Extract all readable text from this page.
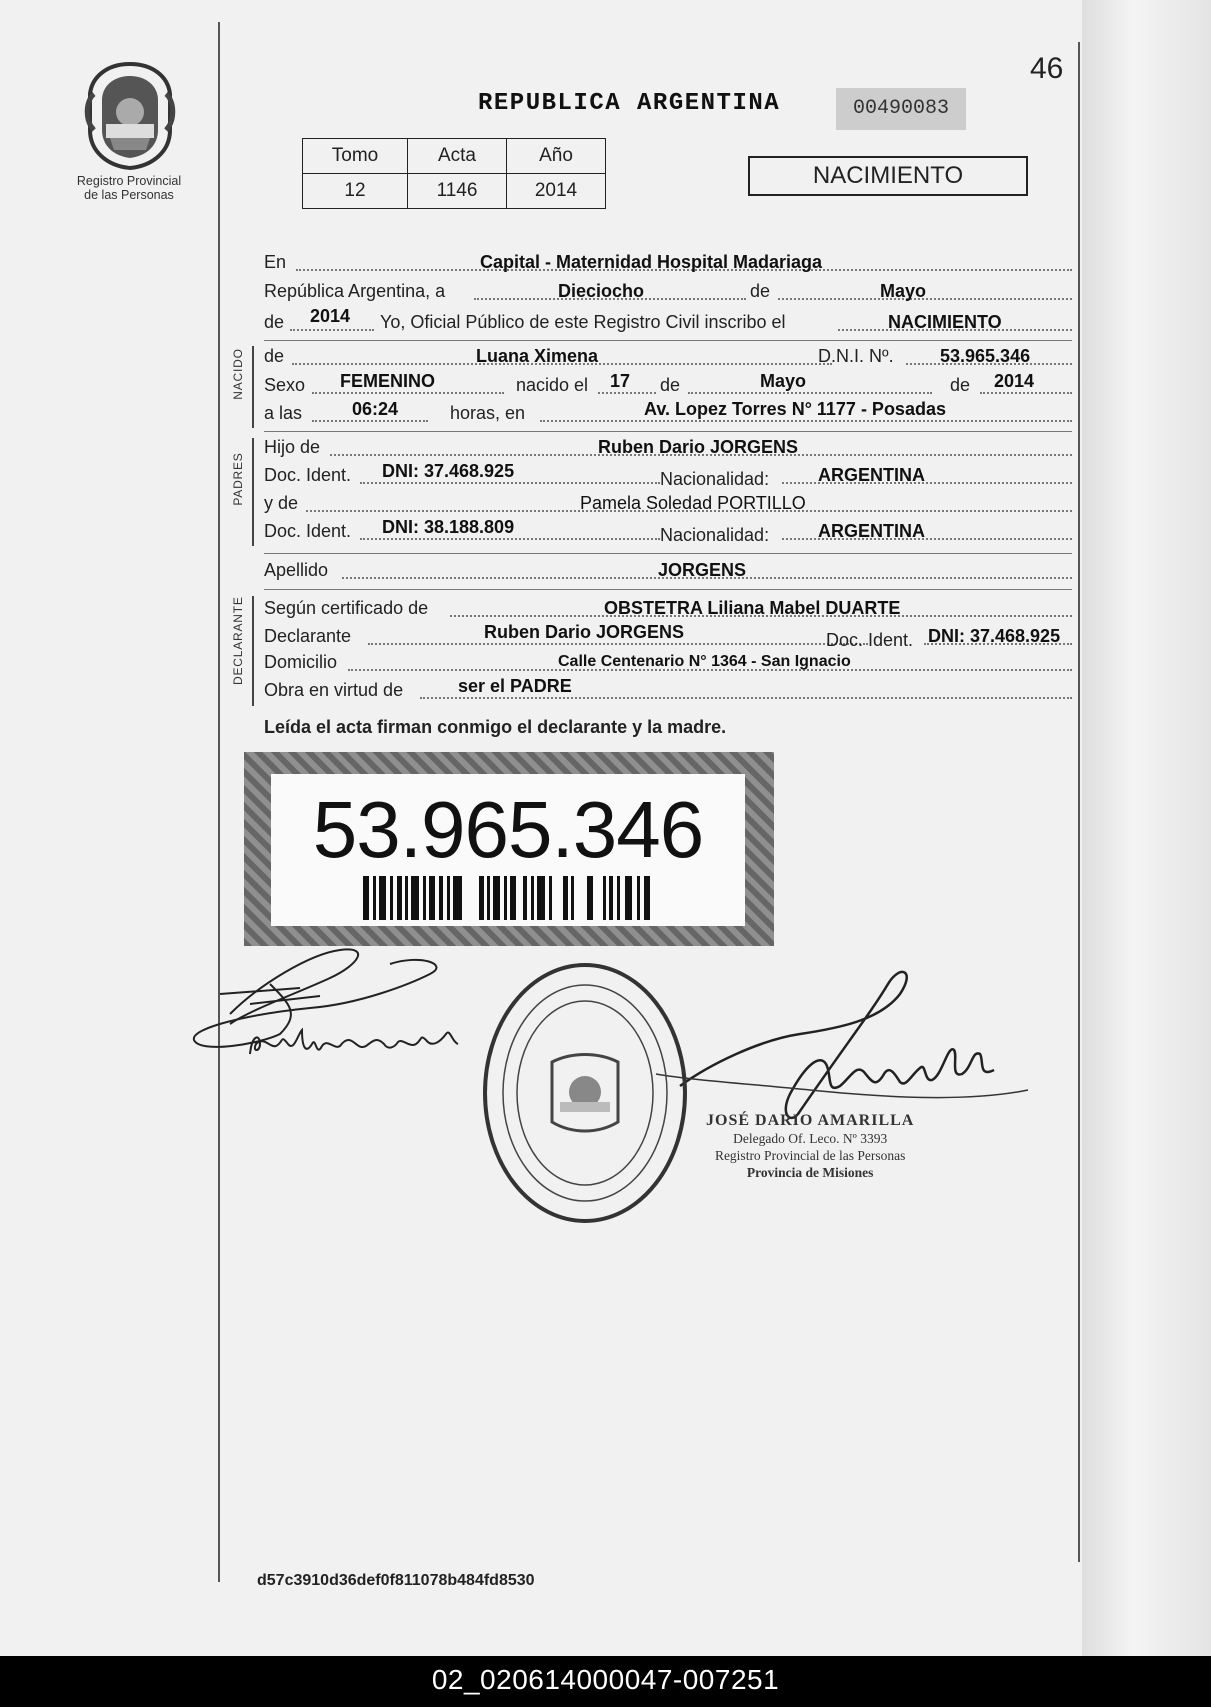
Registro Provincial
de las Personas
46
REPUBLICA ARGENTINA	00490083
Tomo	Acta	Año
12	1146	2014
NACIMIENTO
En	Capital - Maternidad Hospital Madariaga
República Argentina, a	Dieciocho	de	Mayo
de 2014 Yo, Oficial Público de este Registro Civil inscribo el	NACIMIENTO
NACIDO de	Luana Ximena	D.N.I. Nº.	53.965.346
Sexo FEMENINO	nacido el 17 de	Mayo	de 2014
a las	06:24	horas, en	Av. Lopez Torres N° 1177 - Posadas
PADRES
Hijo de	Ruben Dario JORGENS
Doc. Ident. DNI: 37.468.925	Nacionalidad:	ARGENTINA
y de	Pamela Soledad PORTILLO
Doc. Ident. DNI: 38.188.809	Nacionalidad:	ARGENTINA
Apellido	JORGENS
DECLARANTE Según certificado de	OBSTETRA Liliana Mabel DUARTE
Declarante	Ruben Dario JORGENS	Doc. Ident. DNI: 37.468.925
Domicilio	Calle Centenario N° 1364 - San Ignacio
Obra en virtud de	ser el PADRE
Leída el acta firman conmigo el declarante y la madre.
53.965.346
JOSÉ DARIO AMARILLA
Delegado Of. Leco. Nº 3393
Registro Provincial de las Personas
Provincia de Misiones
d57c3910d36def0f811078b484fd8530
02_020614000047-007251
